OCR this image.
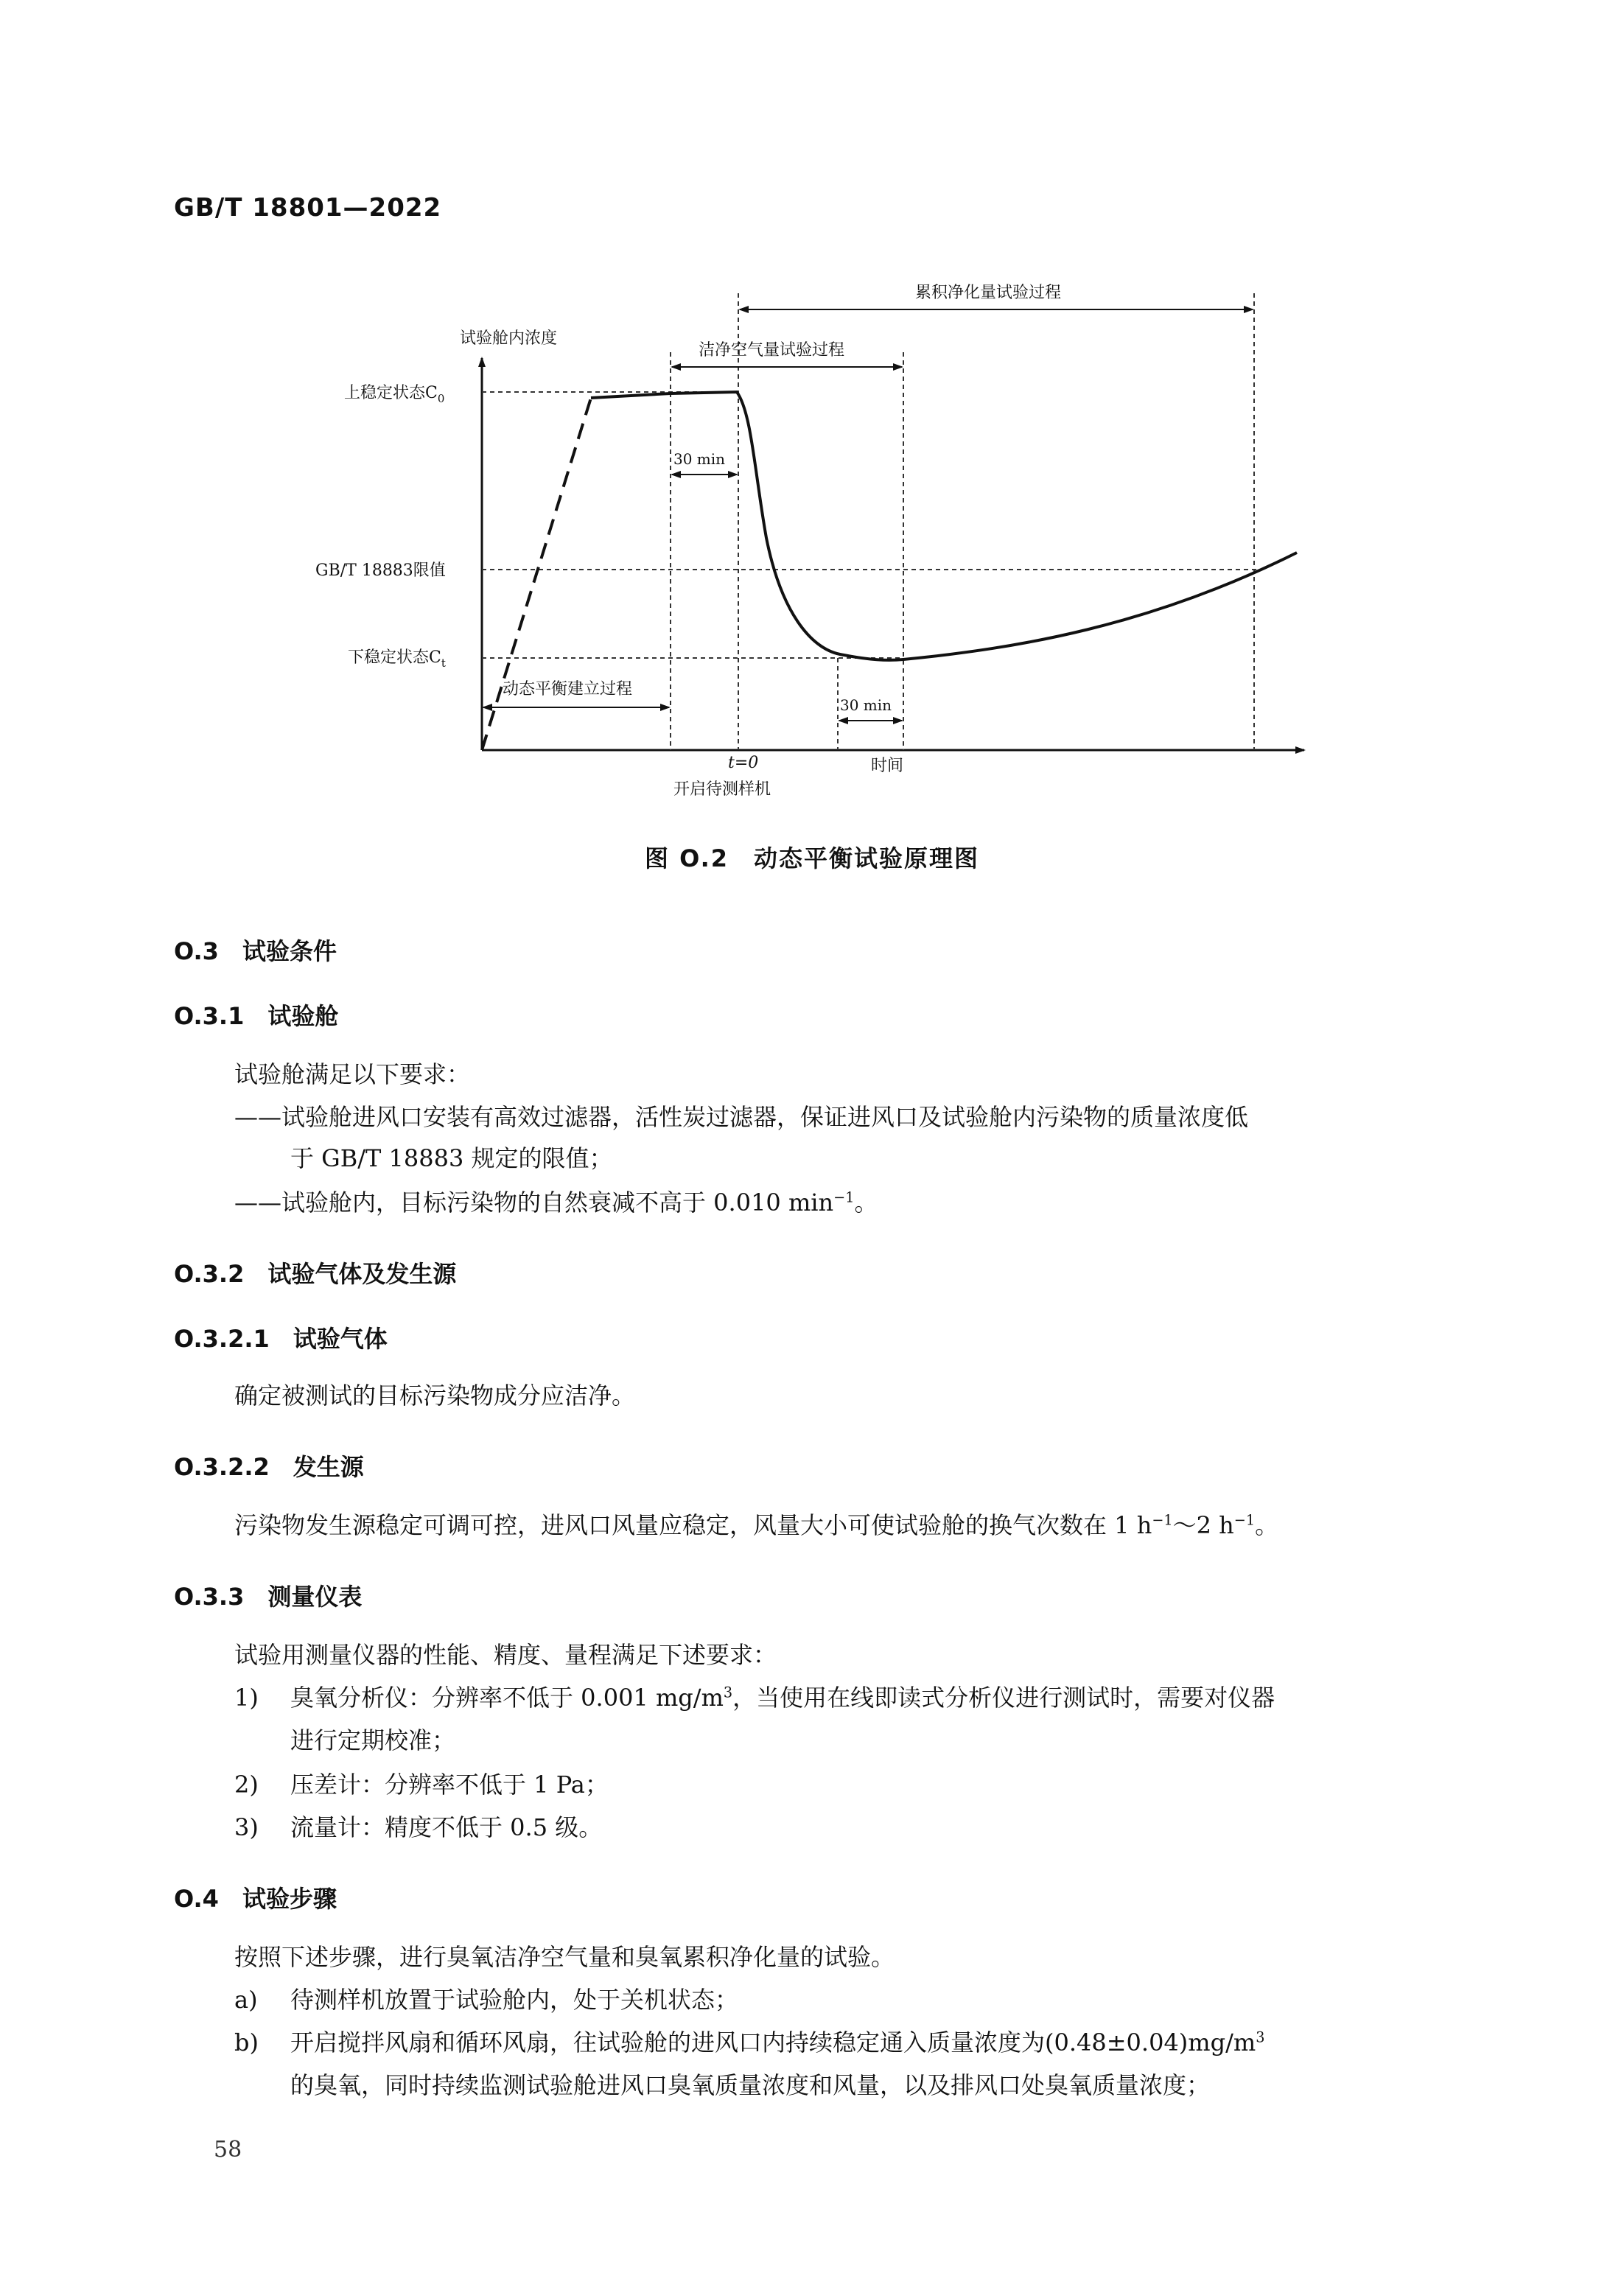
GB/T 18801—2022
试验舱内浓度
时间
上稳定状态$C_0$
GB/T 18883限值
下稳定状态$C_t$
累积净化量试验过程
洁净空气量试验过程
30 min
动态平衡建立过程
30 min
t=0
开启待测样机
图 O.2　动态平衡试验原理图
O.3　 试验条件
O.3.1　 试验舱
试验舱满足以下要求：
——试验舱进风口安装有高效过滤器，活性炭过滤器，保证进风口及试验舱内污染物的质量浓度低
于 GB/T 18883 规定的限值；
——试验舱内，目标污染物的自然衰减不高于 0.010 $\min^{-1}$。
O.3.2　 试验气体及发生源
O.3.2.1　 试验气体
确定被测试的目标污染物成分应洁净。
O.3.2.2　 发生源
污染物发生源稳定可调可控，进风口风量应稳定，风量大小可使试验舱的换气次数在 1 $h^{-1}\sim 2$ $h^{-1}$。
O.3.3　 测量仪表
试验用测量仪器的性能、精度、量程满足下述要求：
1) 臭氧分析仪：分辨率不低于 0.001 $mg/m^3$，当使用在线即读式分析仪进行测试时，需要对仪器
进行定期校准；
2) 压差计：分辨率不低于 1 Pa；
3) 流量计：精度不低于 0.5 级。
O.4　 试验步骤
按照下述步骤，进行臭氧洁净空气量和臭氧累积净化量的试验。
a) 待测样机放置于试验舱内，处于关机状态；
b) 开启搅拌风扇和循环风扇，往试验舱的进风口内持续稳定通入质量浓度为$(0.48\pm 0.04)mg/m^3$
的臭氧，同时持续监测试验舱进风口臭氧质量浓度和风量，以及排风口处臭氧质量浓度；
58
